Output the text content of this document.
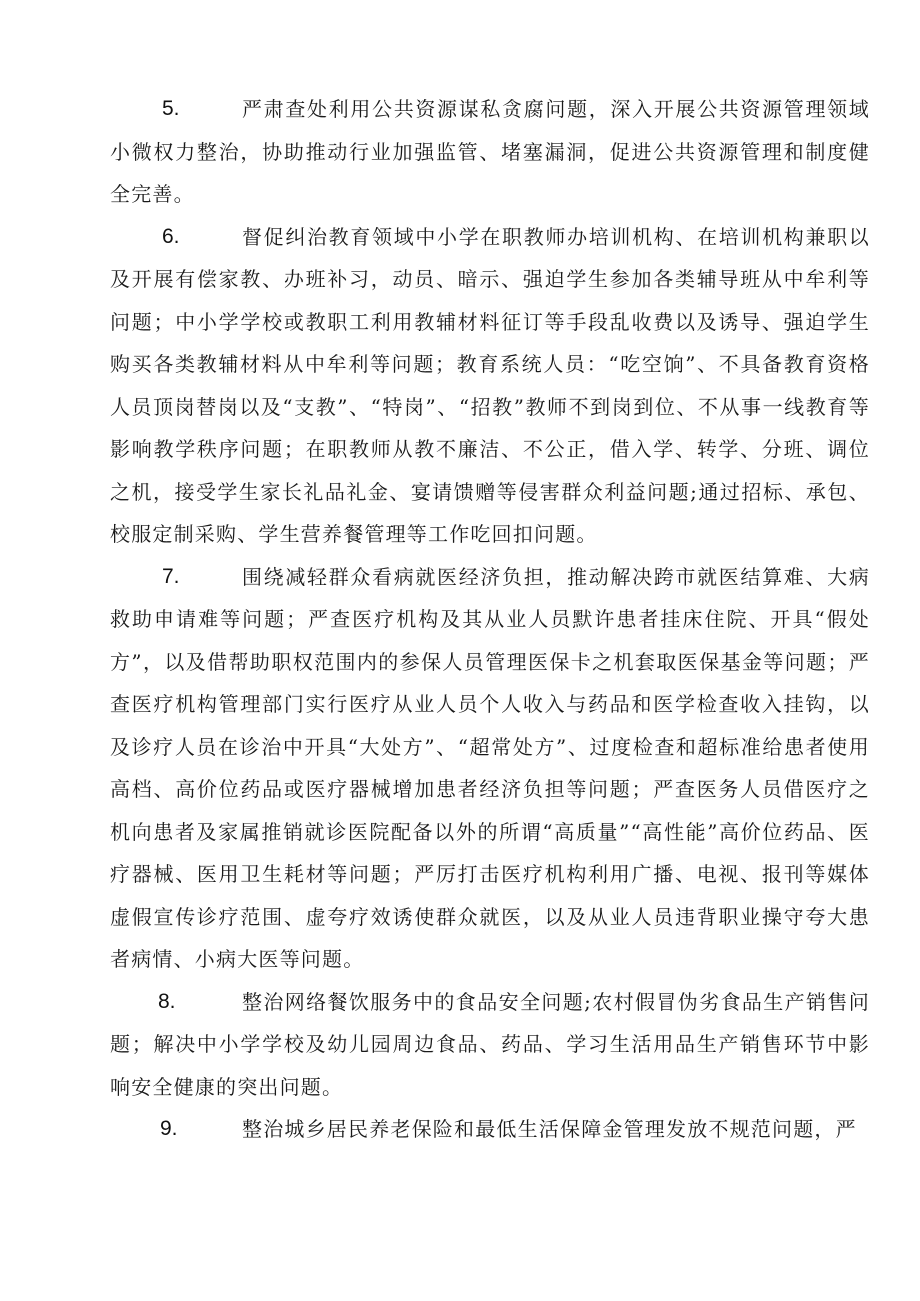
5.	严肃查处利用公共资源谋私贪腐问题，深入开展公共资源管理领域小微权力整治，协助推动行业加强监管、堵塞漏洞，促进公共资源管理和制度健全完善。

6.	督促纠治教育领域中小学在职教师办培训机构、在培训机构兼职以及开展有偿家教、办班补习，动员、暗示、强迫学生参加各类辅导班从中牟利等问题；中小学学校或教职工利用教辅材料征订等手段乱收费以及诱导、强迫学生购买各类教辅材料从中牟利等问题；教育系统人员：“吃空饷”、不具备教育资格人员顶岗替岗以及“支教”、“特岗”、“招教”教师不到岗到位、不从事一线教育等影响教学秩序问题；在职教师从教不廉洁、不公正，借入学、转学、分班、调位之机，接受学生家长礼品礼金、宴请馈赠等侵害群众利益问题;通过招标、承包、校服定制采购、学生营养餐管理等工作吃回扣问题。

7.	围绕减轻群众看病就医经济负担，推动解决跨市就医结算难、大病救助申请难等问题；严查医疗机构及其从业人员默许患者挂床住院、开具“假处方”，以及借帮助职权范围内的参保人员管理医保卡之机套取医保基金等问题；严查医疗机构管理部门实行医疗从业人员个人收入与药品和医学检查收入挂钩，以及诊疗人员在诊治中开具“大处方”、“超常处方”、过度检查和超标准给患者使用高档、高价位药品或医疗器械增加患者经济负担等问题；严查医务人员借医疗之机向患者及家属推销就诊医院配备以外的所谓“高质量”“高性能”高价位药品、医疗器械、医用卫生耗材等问题；严厉打击医疗机构利用广播、电视、报刊等媒体虚假宣传诊疗范围、虚夸疗效诱使群众就医，以及从业人员违背职业操守夸大患者病情、小病大医等问题。

8.	整治网络餐饮服务中的食品安全问题;农村假冒伪劣食品生产销售问题；解决中小学学校及幼儿园周边食品、药品、学习生活用品生产销售环节中影响安全健康的突出问题。

9.	整治城乡居民养老保险和最低生活保障金管理发放不规范问题，严
